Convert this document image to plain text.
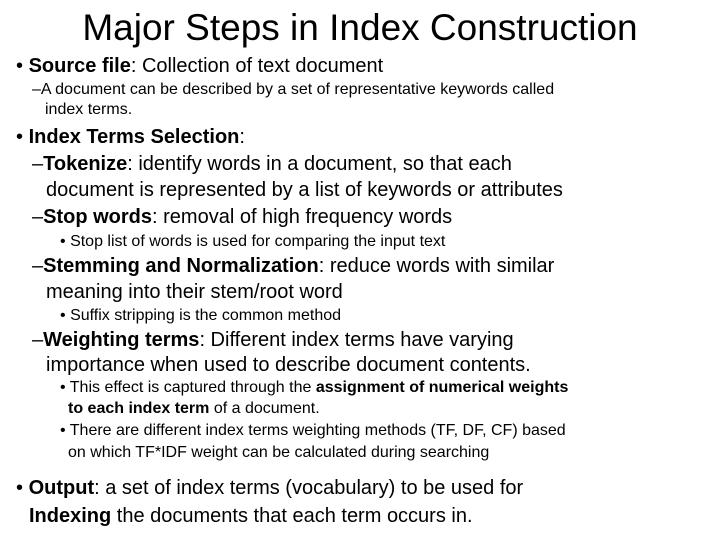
Major Steps in Index Construction
• Source file: Collection of text document
–A document can be described by a set of representative keywords called
index terms.
• Index Terms Selection:
–Tokenize: identify words in a document, so that each
document is represented by a list of keywords or attributes
–Stop words: removal of high frequency words
• Stop list of words is used for comparing the input text
–Stemming and Normalization: reduce words with similar
meaning into their stem/root word
• Suffix stripping is the common method
–Weighting terms: Different index terms have varying
importance when used to describe document contents.
• This effect is captured through the assignment of numerical weights
to each index term of a document.
• There are different index terms weighting methods (TF, DF, CF) based
on which TF*IDF weight can be calculated during searching
• Output: a set of index terms (vocabulary) to be used for
Indexing the documents that each term occurs in.
